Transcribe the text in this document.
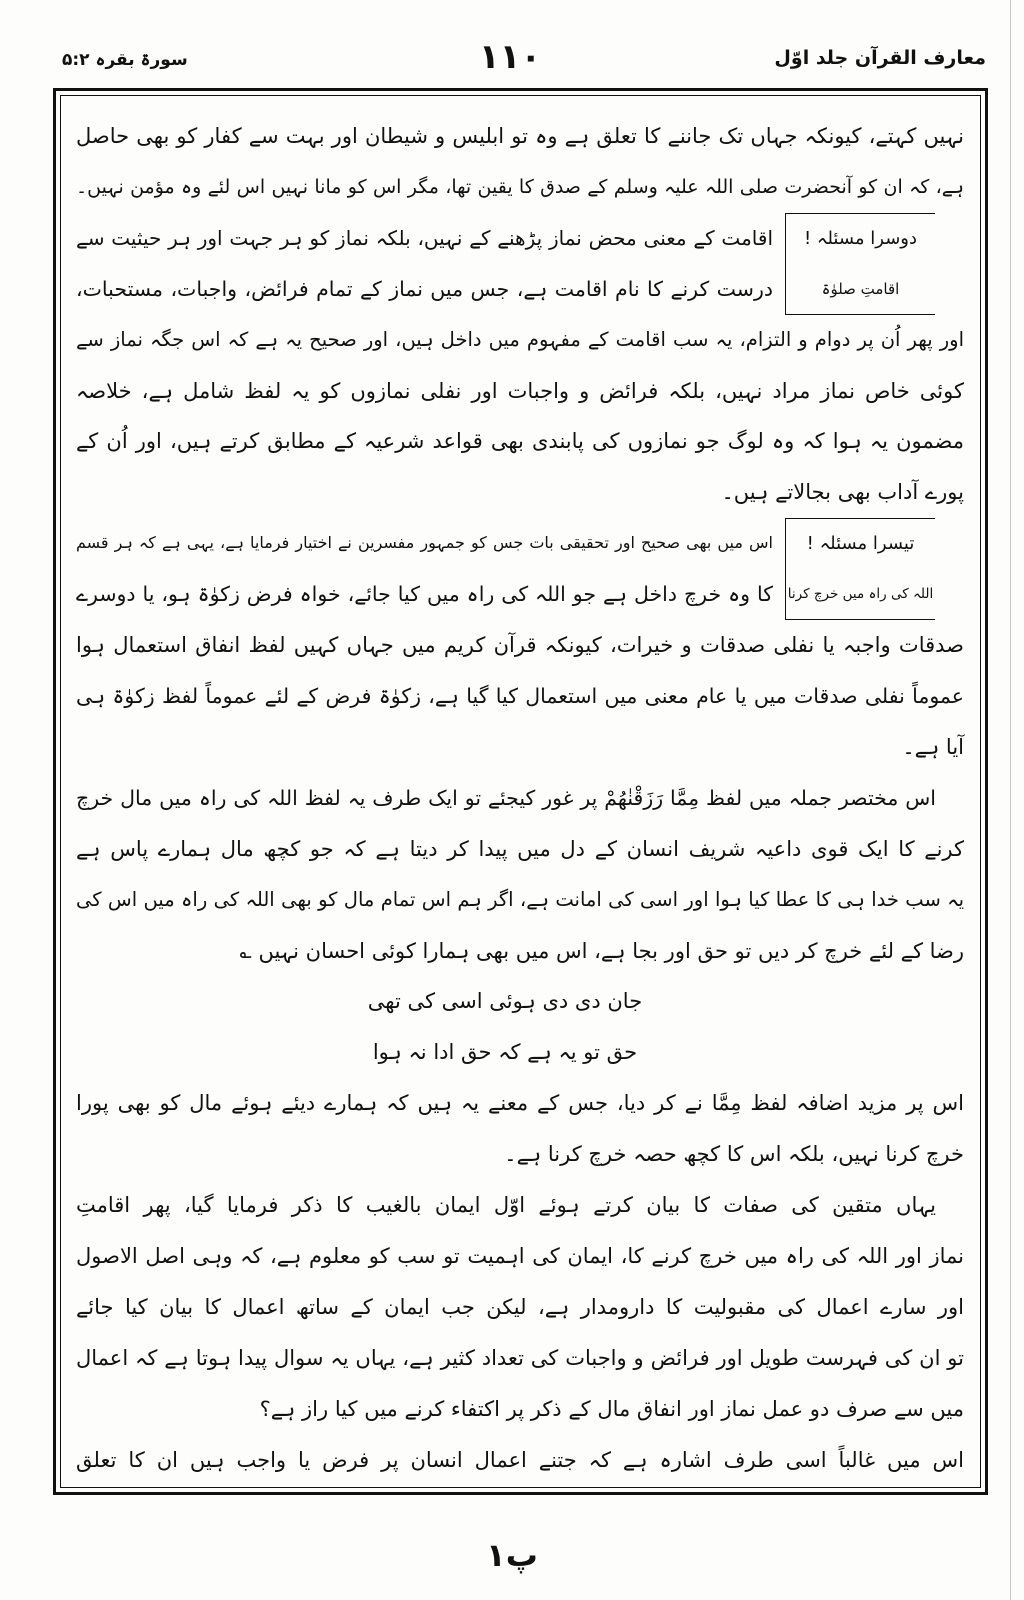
معارف القرآن جلد اوّل
۱۱۰
سورۃ بقرہ ۵:۲
دوسرا مسئلہ !
اقامتِ صلوٰۃ
تیسرا مسئلہ !
اللہ کی راہ میں خرچ کرنا
نہیں کہتے، کیونکہ جہاں تک جاننے کا تعلق ہے وہ تو ابلیس و شیطان اور بہت سے کفار کو بھی حاصل
ہے، کہ ان کو آنحضرت صلی اللہ علیہ وسلم کے صدق کا یقین تھا، مگر اس کو مانا نہیں اس لئے وہ مؤمن نہیں۔
اقامت کے معنی محض نماز پڑھنے کے نہیں، بلکہ نماز کو ہر جہت اور ہر حیثیت سے
درست کرنے کا نام اقامت ہے، جس میں نماز کے تمام فرائض، واجبات، مستحبات،
اور پھر اُن پر دوام و التزام، یہ سب اقامت کے مفہوم میں داخل ہیں، اور صحیح یہ ہے کہ اس جگہ نماز سے
کوئی خاص نماز مراد نہیں، بلکہ فرائض و واجبات اور نفلی نمازوں کو یہ لفظ شامل ہے، خلاصہ
مضمون یہ ہوا کہ وہ لوگ جو نمازوں کی پابندی بھی قواعد شرعیہ کے مطابق کرتے ہیں، اور اُن کے
پورے آداب بھی بجالاتے ہیں۔
اس میں بھی صحیح اور تحقیقی بات جس کو جمہور مفسرین نے اختیار فرمایا ہے، یہی ہے کہ ہر قسم
کا وہ خرچ داخل ہے جو اللہ کی راہ میں کیا جائے، خواہ فرض زکوٰۃ ہو، یا دوسرے
صدقات واجبہ یا نفلی صدقات و خیرات، کیونکہ قرآن کریم میں جہاں کہیں لفظ انفاق استعمال ہوا
عموماً نفلی صدقات میں یا عام معنی میں استعمال کیا گیا ہے، زکوٰۃ فرض کے لئے عموماً لفظ زکوٰۃ ہی
آیا ہے۔
اس مختصر جملہ میں لفظ مِمَّا رَزَقْنٰهُمْ پر غور کیجئے تو ایک طرف یہ لفظ اللہ کی راہ میں مال خرچ
کرنے کا ایک قوی داعیہ شریف انسان کے دل میں پیدا کر دیتا ہے کہ جو کچھ مال ہمارے پاس ہے
یہ سب خدا ہی کا عطا کیا ہوا اور اسی کی امانت ہے، اگر ہم اس تمام مال کو بھی اللہ کی راہ میں اس کی
رضا کے لئے خرچ کر دیں تو حق اور بجا ہے، اس میں بھی ہمارا کوئی احسان نہیں ؎
جان دی دی ہوئی اسی کی تھی
حق تو یہ ہے کہ حق ادا نہ ہوا
اس پر مزید اضافہ لفظ مِمَّا نے کر دیا، جس کے معنے یہ ہیں کہ ہمارے دیئے ہوئے مال کو بھی پورا
خرچ کرنا نہیں، بلکہ اس کا کچھ حصہ خرچ کرنا ہے۔
یہاں متقین کی صفات کا بیان کرتے ہوئے اوّل ایمان بالغیب کا ذکر فرمایا گیا، پھر اقامتِ
نماز اور اللہ کی راہ میں خرچ کرنے کا، ایمان کی اہمیت تو سب کو معلوم ہے، کہ وہی اصل الاصول
اور سارے اعمال کی مقبولیت کا دارومدار ہے، لیکن جب ایمان کے ساتھ اعمال کا بیان کیا جائے
تو ان کی فہرست طویل اور فرائض و واجبات کی تعداد کثیر ہے، یہاں یہ سوال پیدا ہوتا ہے کہ اعمال
میں سے صرف دو عمل نماز اور انفاق مال کے ذکر پر اکتفاء کرنے میں کیا راز ہے؟
اس میں غالباً اسی طرف اشارہ ہے کہ جتنے اعمال انسان پر فرض یا واجب ہیں ان کا تعلق
پ۱
